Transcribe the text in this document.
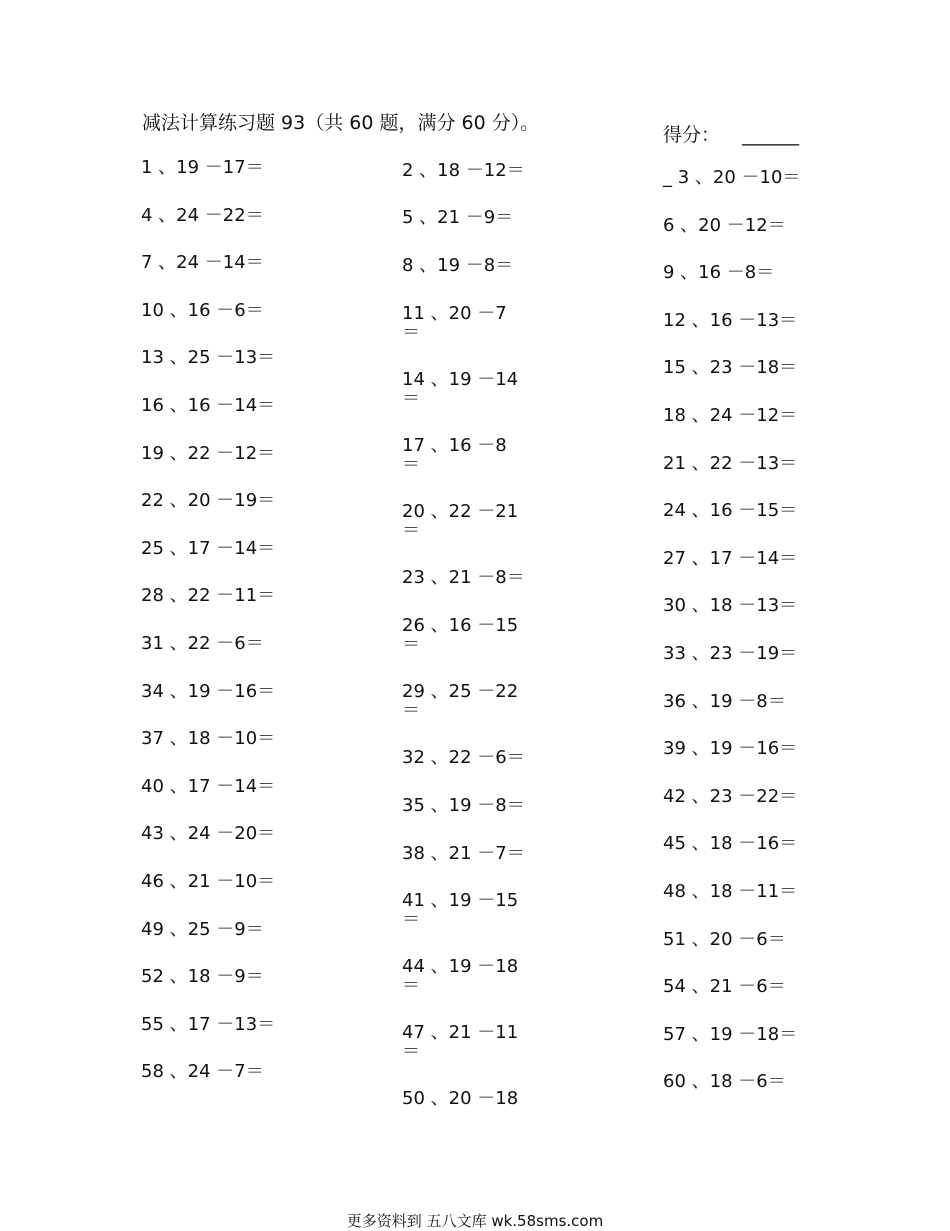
减法计算练习题 93（共 60 题，满分 60 分）。
得分： ______
1 、19 －17＝
4 、24 －22＝
7 、24 －14＝
10 、16 －6＝
13 、25 －13＝
16 、16 －14＝
19 、22 －12＝
22 、20 －19＝
25 、17 －14＝
28 、22 －11＝
31 、22 －6＝
34 、19 －16＝
37 、18 －10＝
40 、17 －14＝
43 、24 －20＝
46 、21 －10＝
49 、25 －9＝
52 、18 －9＝
55 、17 －13＝
58 、24 －7＝
2 、18 －12＝
5 、21 －9＝
8 、19 －8＝
11 、20 －7
＝
14 、19 －14
＝
17 、16 －8
＝
20 、22 －21
＝
23 、21 －8＝
26 、16 －15
＝
29 、25 －22
＝
32 、22 －6＝
35 、19 －8＝
38 、21 －7＝
41 、19 －15
＝
44 、19 －18
＝
47 、21 －11
＝
50 、20 －18
_ 3 、20 －10＝
6 、20 －12＝
9 、16 －8＝
12 、16 －13＝
15 、23 －18＝
18 、24 －12＝
21 、22 －13＝
24 、16 －15＝
27 、17 －14＝
30 、18 －13＝
33 、23 －19＝
36 、19 －8＝
39 、19 －16＝
42 、23 －22＝
45 、18 －16＝
48 、18 －11＝
51 、20 －6＝
54 、21 －6＝
57 、19 －18＝
60 、18 －6＝
更多资料到 五八文库 wk.58sms.com
